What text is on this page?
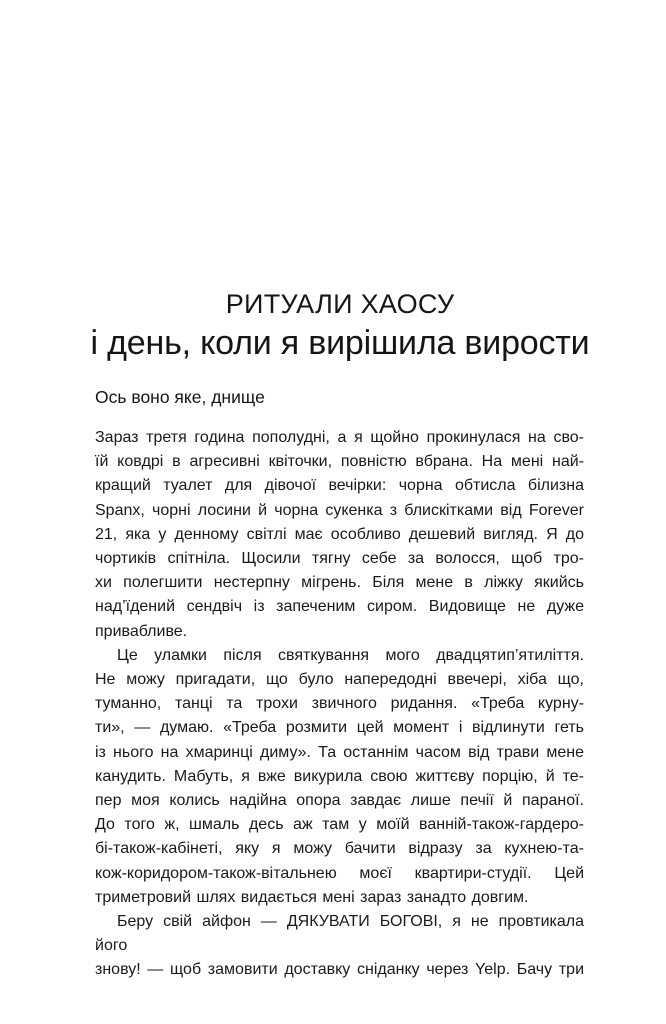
РИТУАЛИ ХАОСУ
і день, коли я вирішила вирости
Ось воно яке, днище

Зараз третя година пополудні, а я щойно прокинулася на сво-
їй ковдрі в агресивні квіточки, повністю вбрана. На мені най-
кращий туалет для дівочої вечірки: чорна обтисла білизна
Spanx, чорні лосини й чорна сукенка з блискітками від Forever
21, яка у денному світлі має особливо дешевий вигляд. Я до
чортиків спітніла. Щосили тягну себе за волосся, щоб тро-
хи полегшити нестерпну мігрень. Біля мене в ліжку якийсь
над’їдений сендвіч із запеченим сиром. Видовище не дуже
привабливе.

Це уламки після святкування мого двадцятип’ятиліття.
Не можу пригадати, що було напередодні ввечері, хіба що,
туманно, танці та трохи звичного ридання. «Треба курну-
ти», — думаю. «Треба розмити цей момент і відлинути геть
із нього на хмаринці диму». Та останнім часом від трави мене
канудить. Мабуть, я вже викурила свою життєву порцію, й те-
пер моя колись надійна опора завдає лише печії й параної.
До того ж, шмаль десь аж там у моїй ванній-також-гардеро-
бі-також-кабінеті, яку я можу бачити відразу за кухнею-та-
кож-коридором-також-вітальнею моєї квартири-студії. Цей
триметровий шлях видається мені зараз занадто довгим.

Беру свій айфон — ДЯКУВАТИ БОГОВІ, я не провтикала його
знову! — щоб замовити доставку сніданку через Yelp. Бачу три
